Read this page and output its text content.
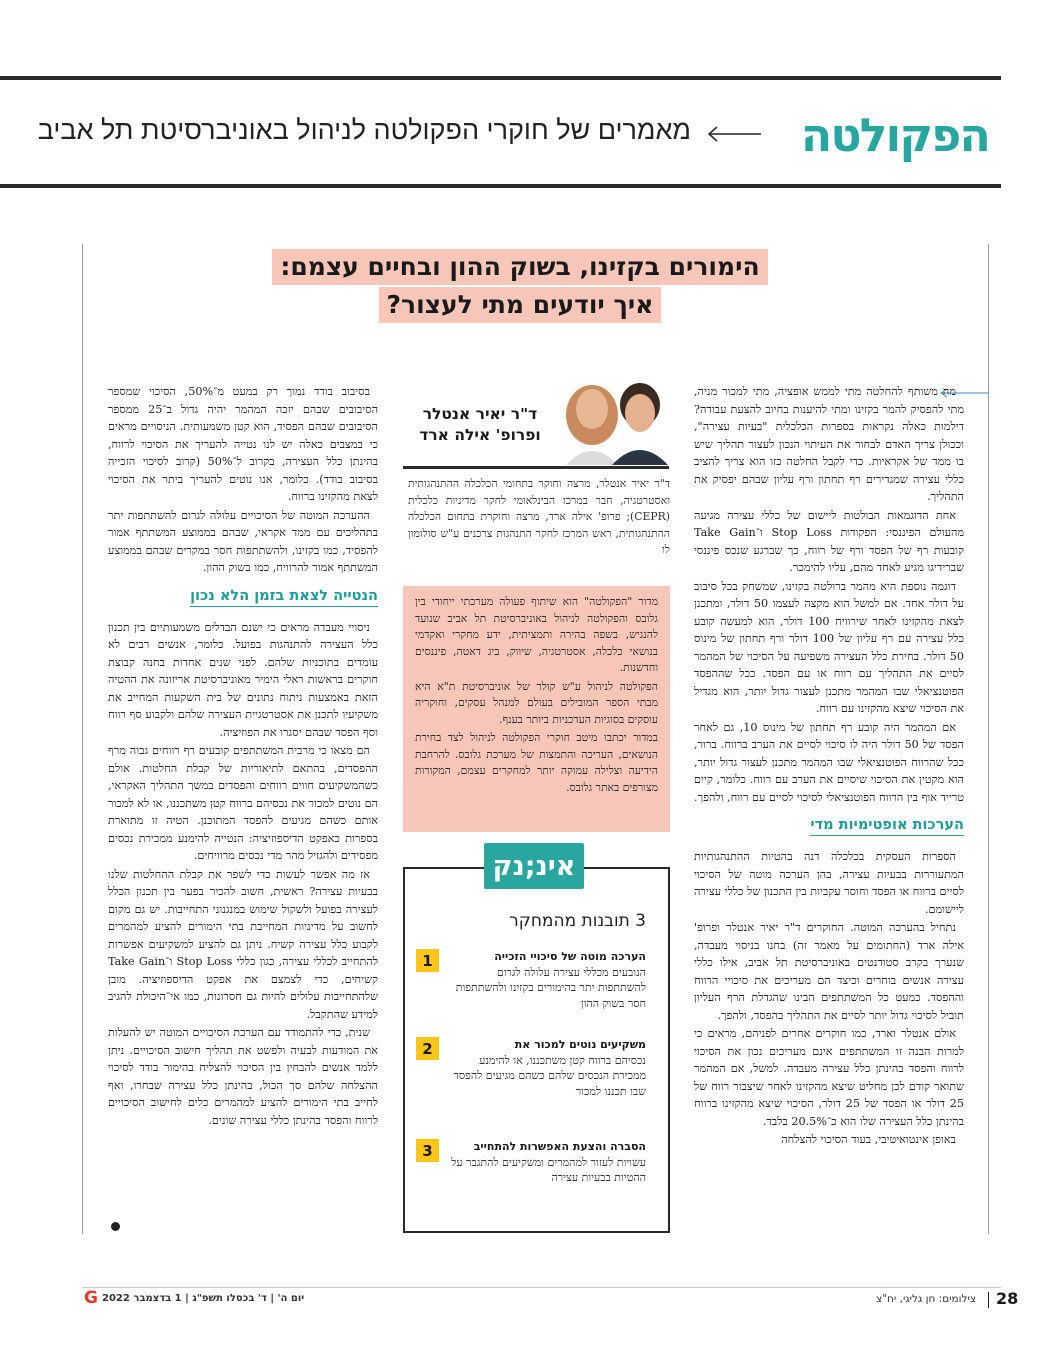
הפקולטה
מאמרים של חוקרי הפקולטה לניהול באוניברסיטת תל אביב
הימורים בקזינו, בשוק ההון ובחיים עצמם:
איך יודעים מתי לעצור?

מה משותף להחלטה מתי לממש אופציה, מתי למכור מניה, מתי להפסיק להמר בקזינו ומתי להיענות בחיוב להצעת עבודה? דילמות כאלה נקראות בספרות הכלכלית "בעיות עצירה", וככולן צריך האדם לבחור את העיתוי הנכון לעצור תהליך שיש בו ממד של אקראיות. כדי לקבל החלטה כזו הוא צריך להציב כללי עצירה שמגדירים רף תחתון ורף עליון שבהם יפסיק את התהליך.

אחת הדוגמאות הבולטות ליישום של כללי עצירה מגיעה מהעולם הפיננסי: הפקודות Stop Loss ו־Take Gain קובעות רף של הפסד ורף של רווח, כך שברגע שנכס פיננסי שברידיגו מגיע לאחד מהם, עליו להימכר.

דוגמה נוספת היא מהמר ברולטה בקזינו, שמשחק בכל סיבוב על דולר אחד. אם למשל הוא מקצה לעצמו 50 דולר, ומתכנן לצאת מהקזינו לאחר שירוויח 100 דולר, הוא למעשה קובע כלל עצירה עם רף עליון של 100 דולר ורף תחתון של מינוס 50 דולר. בחירת כלל העצירה משפיעה על הסיכוי של המהמר לסיים את התהליך עם רווח או עם הפסד. ככל שההפסד הפוטנציאלי שבו המהמר מתכנן לעצור גדול יותר, הוא מגדיל את הסיכוי שיצא מהקזינו עם רווח.

אם המהמר היה קובע רף תחתון של מינוס 10, גם לאחר הפסד של 50 דולר היה לו סיכוי לסיים את הערב ברווח. ברור, ככל שהרווח הפוטנציאלי שבו המהמר מתכנן לעצור גדול יותר, הוא מקטין את הסיכוי שיסיים את הערב עם רווח. כלומר, קיים טרייד אוף בין הרווח הפוטנציאלי לסיכוי לסיים עם רווח, ולהפך.

הערכות אופטימיות מדי

הספרות העסקית בכלכלה דנה בהטיות ההתנהגותיות המתעוררות בבעיות עצירה, בהן הערכה מוטה של הסיכוי לסיים ברווח או הפסד וחוסר עקביות בין התכנון של כללי עצירה ליישומם.

נתחיל בהערכה המוטה. החוקרים ד"ר יאיר אנטלר ופרופ' אילה ארד (החתומים על מאמר זה) בחנו בניסוי מעבדה, שנערך בקרב סטודנטים באוניברסיטת תל אביב, אילו כללי עצירה אנשים בוחרים וכיצד הם מעריכים את סיכויי הרווח וההפסד. כמעט כל המשתתפים הבינו שהגדלת הרף העליון תוביל לסיכוי גדול יותר לסיים את התהליך בהפסד, ולהפך.

אולם אנטלר וארד, כמו חוקרים אחרים לפניהם, מראים כי למרות הבנה זו המשתתפים אינם מעריכים נכון את הסיכוי לרווח והפסד בהינתן כלל עצירה מעבדה. למשל, אם המהמר שתואר קודם לכן מחליט שיצא מהקזינו לאחר שיצבור רווח של 25 דולר או הפסד של 25 דולר, הסיכוי שיצא מהקזינו ברווח בהינתן כלל העצירה שלו הוא כ־20.5% בלבד.

באופן אינטואיטיבי, בעוד הסיכוי להצלחה

ד"ר יאיר אנטלר
ופרופ' אילה ארד
ד"ר יאיר אנטלר, מרצה וחוקר בתחומי הכלכלה ההתנהגותית ואסטרטגיה, חבר במרכז הבינלאומי לחקר מדיניות כלכלית (CEPR); פרופ' אילה ארד, מרצה וחוקרת בתחום הכלכלה ההתנהגותית, ראש המרכז לחקר התנהגות צרכנים ע"ש סולומון לו

מדור "הפקולטה" הוא שיתוף פעולה מערכתי ייחודי בין גלובס והפקולטה לניהול באוניברסיטת תל אביב שנועד להנגיש, בשפה בהירה ותמציתית, ידע מחקרי ואקדמי בנושאי כלכלה, אסטרטגיה, שיווק, ביג דאטה, פיננסים וחדשנות.

הפקולטה לניהול ע"ש קולר של אוניברסיטת ת"א היא מבתי הספר המובילים בעולם למנהל עסקים, וחוקריה עוסקים בסוגיות העדכניות ביותר בענף.

במדור יכתבו מיטב חוקרי הפקולטה לניהול לצד בחירת הנושאים, העריכה והתמצות של מערכת גלובס. להרחבת הידיעה וצלילה עמוקה יותר למחקרים עצמם, המקורות מצורפים באתר גלובס.

3 תובנות מהמחקר
1	הערכה מוטה של סיכויי הזכייה
הנובעים מכללי עצירה עלולה לגרום להשתתפות יתר בהימורים בקזינו ולהשתתפות חסר בשוק ההון
2	משקיעים נוטים למכור את
נכסיהם ברווח קטן משתכננו, או להימנע ממכירת הנכסים שלהם כשהם מגיעים להפסד שבו תכננו למכור
3	הסברה והצעת האפשרות להתחייב
עשויות לעזור למהמרים ומשקיעים להתגבר על ההטיות בבעיות עצירה
אינ;נק

בסיבוב בודד נמוך רק במעט מ־50%, הסיכוי שמספר הסיבובים שבהם יזכה המהמר יהיה גדול ב־25 ממספר הסיבובים שבהם הפסיד, הוא קטן משמעותית. הניסויים מראים כי במצבים כאלה יש לנו נטייה להעריך את הסיכוי לרווח, בהינתן כלל העצירה, בקרוב ל־50% (קרוב לסיכוי הזכייה בסיבוב בודד). כלומר, אנו נוטים להעריך ביתר את הסיכוי לצאת מהקזינו ברווח.

ההערכה המוטה של הסיכויים עלולה לגרום להשתתפות יתר בתהליכים עם ממד אקראי, שבהם בממוצע המשתתף אמור להפסיד, כמו בקזינו, ולהשתתפות חסר במקרים שבהם בממוצע המשתתף אמור להרוויח, כמו בשוק ההון.

הנטייה לצאת בזמן הלא נכון

ניסויי מעבדה מראים כי ישנם הבדלים משמעותיים בין תכנון כלל העצירה להתנהגות בפועל. כלומר, אנשים רבים לא עומדים בתוכניות שלהם. לפני שנים אחדות בחנה קבוצת חוקרים בראשות ראלי הימיר מאוניברסיטת אריזונה את ההטיה הזאת באמצעות ניתוח נתונים של בית השקעות המחייב את משקיעיו לתכנן את אסטרטגיית העצירה שלהם ולקבוע סף רווח וסף הפסד שבהם יסגרו את הפוזיציה.

הם מצאו כי מרבית המשתתפים קובעים רף רווחים גבוה מרף ההפסדים, בהתאם לתיאוריות של קבלת החלטות. אולם כשהמשקיעים חווים רווחים והפסדים במשך התהליך האקראי, הם נוטים למכור את נכסיהם ברווח קטן משתכננו, או לא למכור אותם כשהם מגיעים להפסד המתוכנן. הטיה זו מתוארת בספרות כאפקט הדיספוזיציה: הנטייה להימנע ממכירת נכסים מפסידים ולהגזיל מהר מדי נכסים מרוויחים.

אז מה אפשר לעשות כדי לשפר את קבלת ההחלטות שלנו בבעיות עצירה? ראשית, חשוב להכיר בפער בין תכנון הכלל לעצירה בפועל ולשקול שימוש במנגנוני התחייבות. יש גם מקום לחשוב על מדיניות המחייבת בתי הימורים להציע למהמרים לקבוע כלל עצירה קשיח. ניתן גם להציע למשקיעים אפשרות להתחייב לכללי עצירה, כגון כללי Stop Loss ו־Take Gain קשיחים, כדי לצמצם את אפקט הדיספוזיציה. מובן שלהתחייבות עלולים להיות גם חסרונות, כמו אי־היכולת להגיב למידע שהתקבל.

שנית, כדי להתמודד עם הערכת הסיכויים המוטה יש להעלות את המודעות לבעיה ולפשט את תהליך חישוב הסיכויים. ניתן ללמד אנשים להבחין בין הסיכוי להצליח בהימור בודד לסיכוי ההצלחה שלהם סך הכול, בהינתן כלל עצירה שבחרו, ואף לחייב בתי הימורים להציע למהמרים כלים לחישוב הסיכויים לרווח והפסד בהינתן כללי עצירה שונים.

28
צילומים: חן גליגי, יח"צ
G יום ה' | ד' בכסלו תשפ"ג | 1 בדצמבר 2022
